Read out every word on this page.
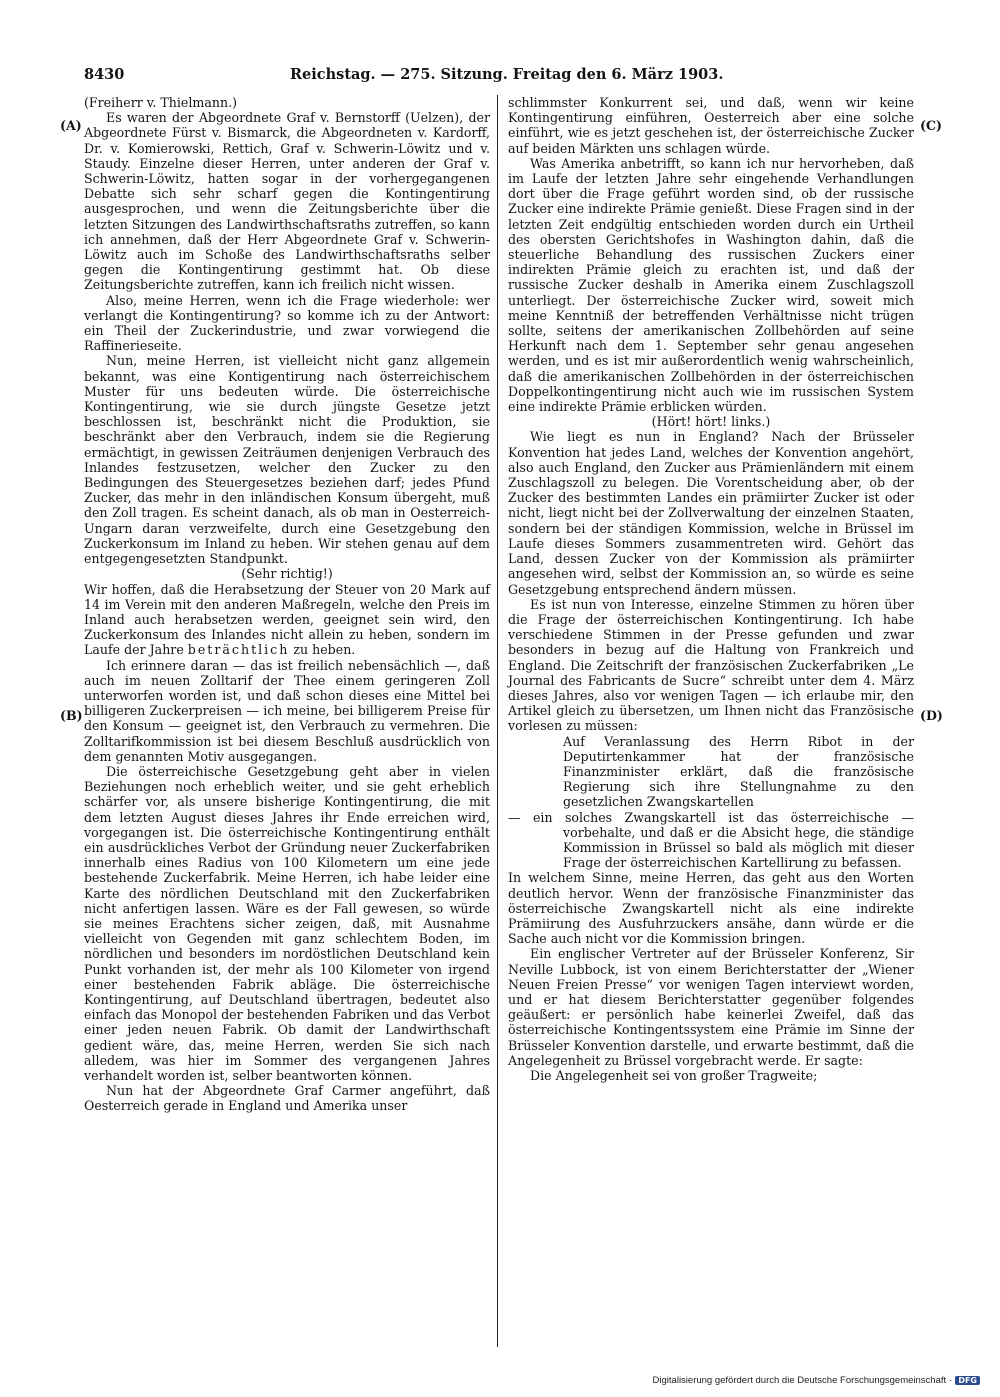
8430	Reichstag. — 275. Sitzung. Freitag den 6. März 1903.
(A)
(B)
(C)
(D)

(Freiherr v. Thielmann.)

Es waren der Abgeordnete Graf v. Bernstorff (Uelzen), der Abgeordnete Fürst v. Bismarck, die Abgeordneten v. Kardorff, Dr. v. Komierowski, Rettich, Graf v. Schwerin-Löwitz und v. Staudy. Einzelne dieser Herren, unter anderen der Graf v. Schwerin-Löwitz, hatten sogar in der vorhergegangenen Debatte sich sehr scharf gegen die Kontingentirung ausgesprochen, und wenn die Zeitungsberichte über die letzten Sitzungen des Landwirthschaftsraths zutreffen, so kann ich annehmen, daß der Herr Abgeordnete Graf v. Schwerin-Löwitz auch im Schoße des Landwirthschaftsraths selber gegen die Kontingentirung gestimmt hat. Ob diese Zeitungsberichte zutreffen, kann ich freilich nicht wissen.

Also, meine Herren, wenn ich die Frage wiederhole: wer verlangt die Kontingentirung? so komme ich zu der Antwort: ein Theil der Zuckerindustrie, und zwar vorwiegend die Raffinerieseite.

Nun, meine Herren, ist vielleicht nicht ganz allgemein bekannt, was eine Kontigentirung nach österreichischem Muster für uns bedeuten würde. Die österreichische Kontingentirung, wie sie durch jüngste Gesetze jetzt beschlossen ist, beschränkt nicht die Produktion, sie beschränkt aber den Verbrauch, indem sie die Regierung ermächtigt, in gewissen Zeiträumen denjenigen Verbrauch des Inlandes festzusetzen, welcher den Zucker zu den Bedingungen des Steuergesetzes beziehen darf; jedes Pfund Zucker, das mehr in den inländischen Konsum übergeht, muß den Zoll tragen. Es scheint danach, als ob man in Oesterreich-Ungarn daran verzweifelte, durch eine Gesetzgebung den Zuckerkonsum im Inland zu heben. Wir stehen genau auf dem entgegengesetzten Standpunkt.

(Sehr richtig!)

Wir hoffen, daß die Herabsetzung der Steuer von 20 Mark auf 14 im Verein mit den anderen Maßregeln, welche den Preis im Inland auch herabsetzen werden, geeignet sein wird, den Zuckerkonsum des Inlandes nicht allein zu heben, sondern im Laufe der Jahre beträchtlich zu heben.

Ich erinnere daran — das ist freilich nebensächlich —, daß auch im neuen Zolltarif der Thee einem geringeren Zoll unterworfen worden ist, und daß schon dieses eine Mittel bei billigeren Zuckerpreisen — ich meine, bei billigerem Preise für den Konsum — geeignet ist, den Verbrauch zu vermehren. Die Zolltarifkommission ist bei diesem Beschluß ausdrücklich von dem genannten Motiv ausgegangen.

Die österreichische Gesetzgebung geht aber in vielen Beziehungen noch erheblich weiter, und sie geht erheblich schärfer vor, als unsere bisherige Kontingentirung, die mit dem letzten August dieses Jahres ihr Ende erreichen wird, vorgegangen ist. Die österreichische Kontingentirung enthält ein ausdrückliches Verbot der Gründung neuer Zuckerfabriken innerhalb eines Radius von 100 Kilometern um eine jede bestehende Zuckerfabrik. Meine Herren, ich habe leider eine Karte des nördlichen Deutschland mit den Zuckerfabriken nicht anfertigen lassen. Wäre es der Fall gewesen, so würde sie meines Erachtens sicher zeigen, daß, mit Ausnahme vielleicht von Gegenden mit ganz schlechtem Boden, im nördlichen und besonders im nordöstlichen Deutschland kein Punkt vorhanden ist, der mehr als 100 Kilometer von irgend einer bestehenden Fabrik abläge. Die österreichische Kontingentirung, auf Deutschland übertragen, bedeutet also einfach das Monopol der bestehenden Fabriken und das Verbot einer jeden neuen Fabrik. Ob damit der Landwirthschaft gedient wäre, das, meine Herren, werden Sie sich nach alledem, was hier im Sommer des vergangenen Jahres verhandelt worden ist, selber beantworten können.

Nun hat der Abgeordnete Graf Carmer angeführt, daß Oesterreich gerade in England und Amerika unser

schlimmster Konkurrent sei, und daß, wenn wir keine Kontingentirung einführen, Oesterreich aber eine solche einführt, wie es jetzt geschehen ist, der österreichische Zucker auf beiden Märkten uns schlagen würde.

Was Amerika anbetrifft, so kann ich nur hervorheben, daß im Laufe der letzten Jahre sehr eingehende Verhandlungen dort über die Frage geführt worden sind, ob der russische Zucker eine indirekte Prämie genießt. Diese Fragen sind in der letzten Zeit endgültig entschieden worden durch ein Urtheil des obersten Gerichtshofes in Washington dahin, daß die steuerliche Behandlung des russischen Zuckers einer indirekten Prämie gleich zu erachten ist, und daß der russische Zucker deshalb in Amerika einem Zuschlagszoll unterliegt. Der österreichische Zucker wird, soweit mich meine Kenntniß der betreffenden Verhältnisse nicht trügen sollte, seitens der amerikanischen Zollbehörden auf seine Herkunft nach dem 1. September sehr genau angesehen werden, und es ist mir außerordentlich wenig wahrscheinlich, daß die amerikanischen Zollbehörden in der österreichischen Doppelkontingentirung nicht auch wie im russischen System eine indirekte Prämie erblicken würden.

(Hört! hört! links.)

Wie liegt es nun in England? Nach der Brüsseler Konvention hat jedes Land, welches der Konvention angehört, also auch England, den Zucker aus Prämienländern mit einem Zuschlagszoll zu belegen. Die Vorentscheidung aber, ob der Zucker des bestimmten Landes ein prämiirter Zucker ist oder nicht, liegt nicht bei der Zollverwaltung der einzelnen Staaten, sondern bei der ständigen Kommission, welche in Brüssel im Laufe dieses Sommers zusammentreten wird. Gehört das Land, dessen Zucker von der Kommission als prämiirter angesehen wird, selbst der Kommission an, so würde es seine Gesetzgebung entsprechend ändern müssen.

Es ist nun von Interesse, einzelne Stimmen zu hören über die Frage der österreichischen Kontingentirung. Ich habe verschiedene Stimmen in der Presse gefunden und zwar besonders in bezug auf die Haltung von Frankreich und England. Die Zeitschrift der französischen Zuckerfabriken „Le Journal des Fabricants de Sucre“ schreibt unter dem 4. März dieses Jahres, also vor wenigen Tagen — ich erlaube mir, den Artikel gleich zu übersetzen, um Ihnen nicht das Französische vorlesen zu müssen:

Auf Veranlassung des Herrn Ribot in der Deputirtenkammer hat der französische Finanzminister erklärt, daß die französische Regierung sich ihre Stellungnahme zu den gesetzlichen Zwangskartellen

— ein solches Zwangskartell ist das österreichische — vorbehalte, und daß er die Absicht hege, die ständige Kommission in Brüssel so bald als möglich mit dieser Frage der österreichischen Kartellirung zu befassen.

In welchem Sinne, meine Herren, das geht aus den Worten deutlich hervor. Wenn der französische Finanzminister das österreichische Zwangskartell nicht als eine indirekte Prämiirung des Ausfuhrzuckers ansähe, dann würde er die Sache auch nicht vor die Kommission bringen.

Ein englischer Vertreter auf der Brüsseler Konferenz, Sir Neville Lubbock, ist von einem Berichterstatter der „Wiener Neuen Freien Presse“ vor wenigen Tagen interviewt worden, und er hat diesem Berichterstatter gegenüber folgendes geäußert: er persönlich habe keinerlei Zweifel, daß das österreichische Kontingentssystem eine Prämie im Sinne der Brüsseler Konvention darstelle, und erwarte bestimmt, daß die Angelegenheit zu Brüssel vorgebracht werde. Er sagte:

Die Angelegenheit sei von großer Tragweite;

Digitalisierung gefördert durch die Deutsche Forschungsgemeinschaft · DFG
